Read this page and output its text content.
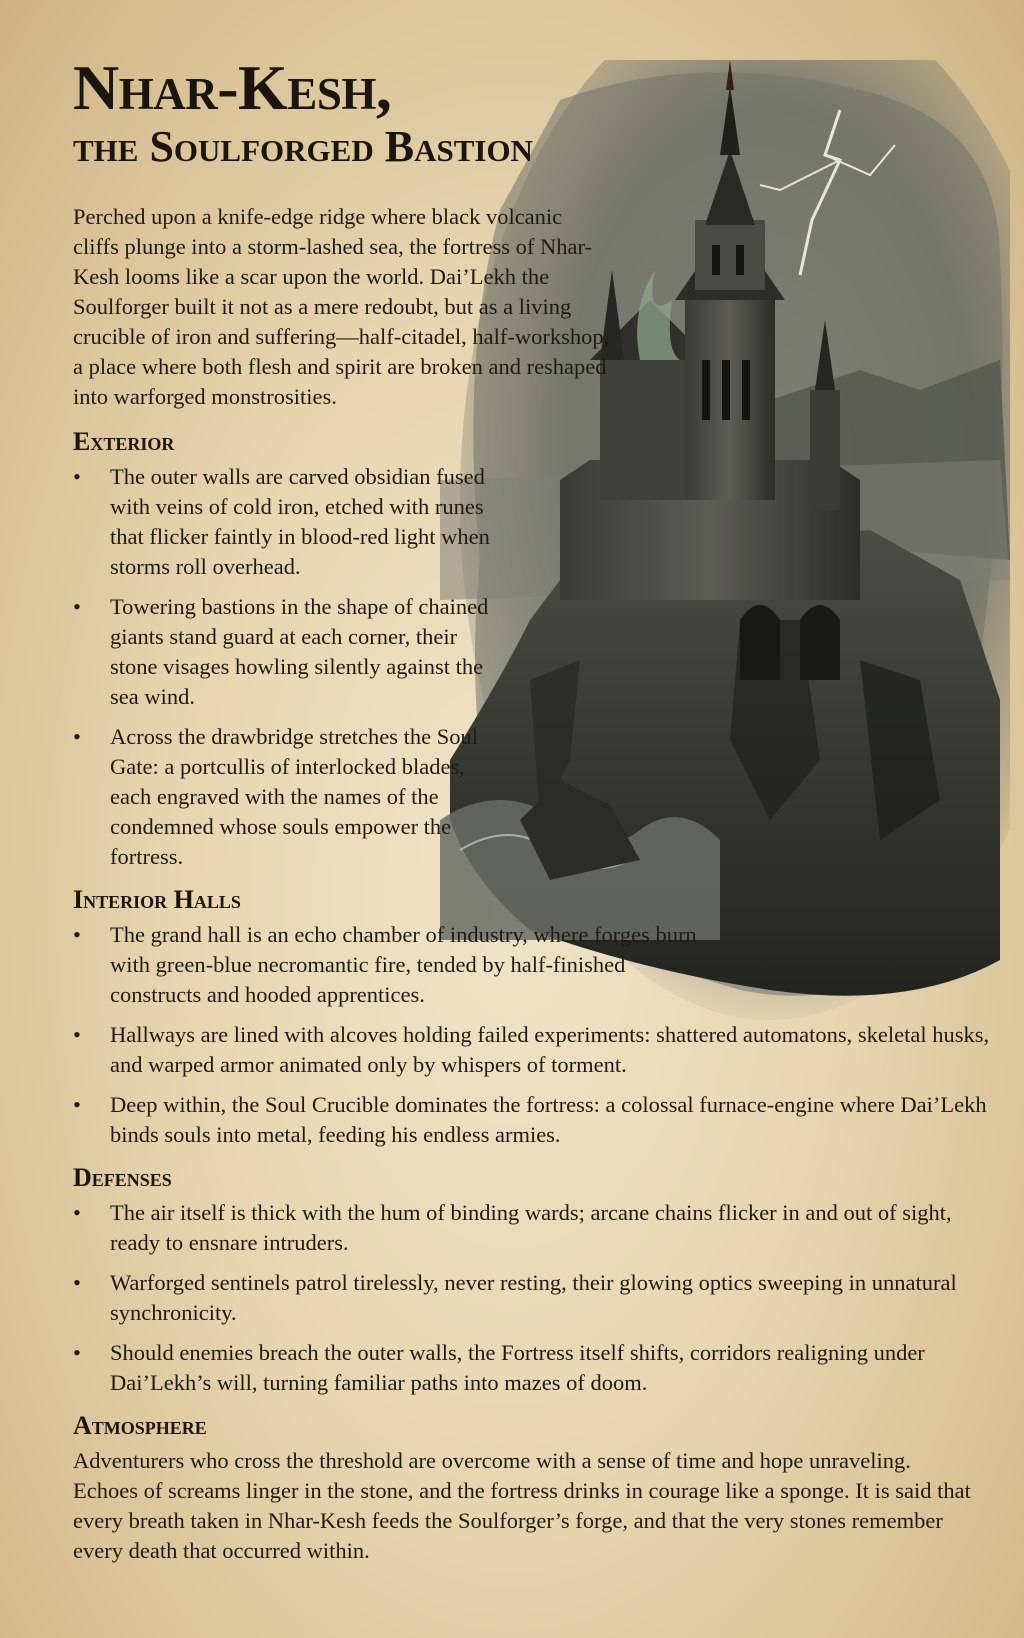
Nhar-Kesh,
the Soulforged Bastion

Perched upon a knife-edge ridge where black volcanic cliffs plunge into a storm-lashed sea, the fortress of Nhar-Kesh looms like a scar upon the world. Dai’Lekh the Soulforger built it not as a mere redoubt, but as a living crucible of iron and suffering—half-citadel, half-workshop, a place where both flesh and spirit are broken and reshaped into warforged monstrosities.

Exterior
• The outer walls are carved obsidian fused with veins of cold iron, etched with runes that flicker faintly in blood-red light when storms roll overhead.
• Towering bastions in the shape of chained giants stand guard at each corner, their stone visages howling silently against the sea wind.
• Across the drawbridge stretches the Soul Gate: a portcullis of interlocked blades, each engraved with the names of the condemned whose souls empower the fortress.
Interior Halls
• The grand hall is an echo chamber of industry, where forges burn with green-blue necromantic fire, tended by half-finished constructs and hooded apprentices.
• Hallways are lined with alcoves holding failed experiments: shattered automatons, skeletal husks, and warped armor animated only by whispers of torment.
• Deep within, the Soul Crucible dominates the fortress: a colossal furnace-engine where Dai’Lekh binds souls into metal, feeding his endless armies.
Defenses
• The air itself is thick with the hum of binding wards; arcane chains flicker in and out of sight, ready to ensnare intruders.
• Warforged sentinels patrol tirelessly, never resting, their glowing optics sweeping in unnatural synchronicity.
• Should enemies breach the outer walls, the Fortress itself shifts, corridors realigning under Dai’Lekh’s will, turning familiar paths into mazes of doom.
Atmosphere

Adventurers who cross the threshold are overcome with a sense of time and hope unraveling. Echoes of screams linger in the stone, and the fortress drinks in courage like a sponge. It is said that every breath taken in Nhar-Kesh feeds the Soulforger’s forge, and that the very stones remember every death that occurred within.
